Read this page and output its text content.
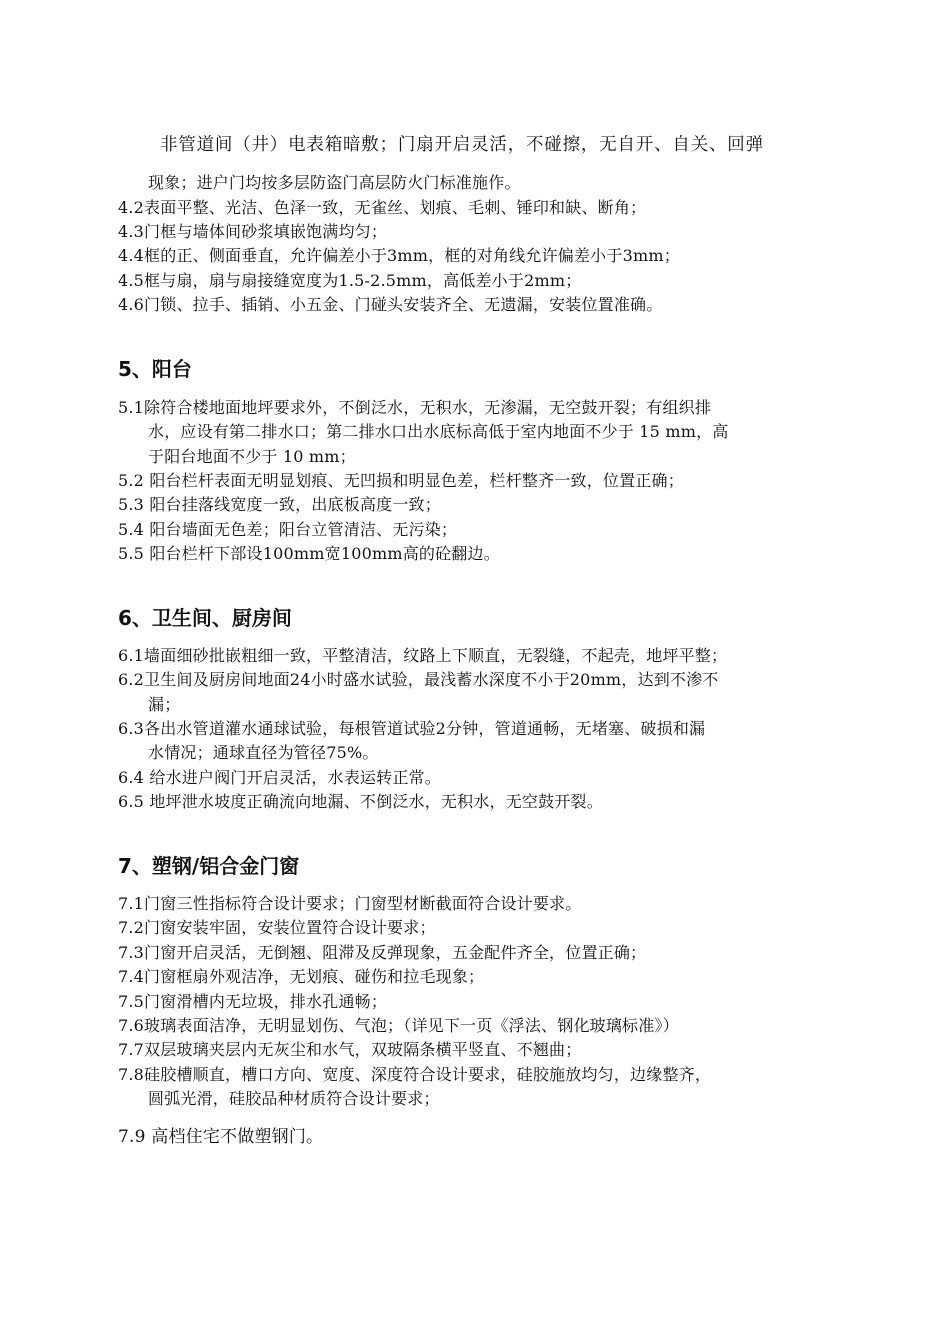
非管道间（井）电表箱暗敷；门扇开启灵活，不碰擦，无自开、自关、回弹
现象；进户门均按多层防盗门高层防火门标准施作。
4.2表面平整、光洁、色泽一致，无雀丝、划痕、毛刺、锤印和缺、断角；
4.3门框与墙体间砂浆填嵌饱满均匀；
4.4框的正、侧面垂直，允许偏差小于3mm，框的对角线允许偏差小于3mm；
4.5框与扇，扇与扇接缝宽度为1.5-2.5mm，高低差小于2mm；
4.6门锁、拉手、插销、小五金、门碰头安装齐全、无遗漏，安装位置准确。
5、阳台
5.1除符合楼地面地坪要求外，不倒泛水，无积水，无渗漏，无空鼓开裂；有组织排
水，应设有第二排水口；第二排水口出水底标高低于室内地面不少于 15 mm，高
于阳台地面不少于 10 mm；
5.2 阳台栏杆表面无明显划痕、无凹损和明显色差，栏杆整齐一致，位置正确；
5.3 阳台挂落线宽度一致，出底板高度一致；
5.4 阳台墙面无色差；阳台立管清洁、无污染；
5.5 阳台栏杆下部设100mm宽100mm高的砼翻边。
6、卫生间、厨房间
6.1墙面细砂批嵌粗细一致，平整清洁，纹路上下顺直，无裂缝，不起壳，地坪平整；
6.2卫生间及厨房间地面24小时盛水试验，最浅蓄水深度不小于20mm，达到不渗不
漏；
6.3各出水管道灌水通球试验，每根管道试验2分钟，管道通畅，无堵塞、破损和漏
水情况；通球直径为管径75%。
6.4 给水进户阀门开启灵活，水表运转正常。
6.5 地坪泄水坡度正确流向地漏、不倒泛水，无积水，无空鼓开裂。
7、塑钢/铝合金门窗
7.1门窗三性指标符合设计要求；门窗型材断截面符合设计要求。
7.2门窗安装牢固，安装位置符合设计要求；
7.3门窗开启灵活，无倒翘、阻滞及反弹现象，五金配件齐全，位置正确；
7.4门窗框扇外观洁净，无划痕、碰伤和拉毛现象；
7.5门窗滑槽内无垃圾，排水孔通畅；
7.6玻璃表面洁净，无明显划伤、气泡；（详见下一页《浮法、钢化玻璃标准》）
7.7双层玻璃夹层内无灰尘和水气，双玻隔条横平竖直、不翘曲；
7.8硅胶槽顺直，槽口方向、宽度、深度符合设计要求，硅胶施放均匀，边缘整齐，
圆弧光滑，硅胶品种材质符合设计要求；
7.9 高档住宅不做塑钢门。
